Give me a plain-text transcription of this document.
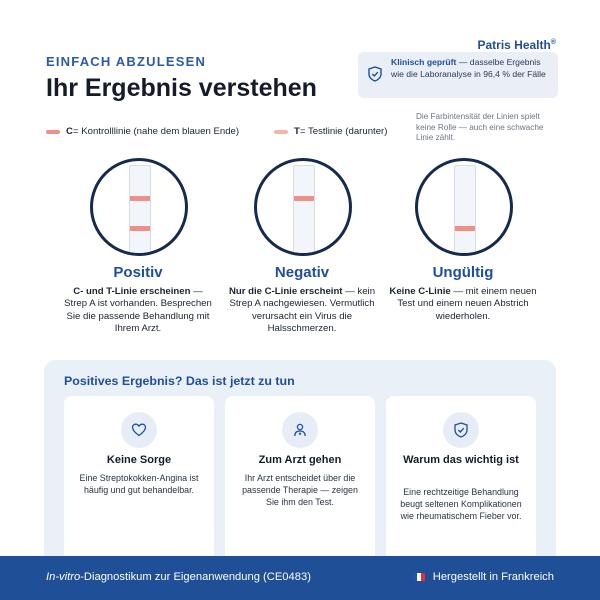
EINFACH ABZULESEN
Ihr Ergebnis verstehen
Patris Health®
Klinisch geprüft — dasselbe Ergebnis wie die Laboranalyse in 96,4 % der Fälle
C = Kontrolllinie (nahe dem blauen Ende)	T = Testlinie (darunter)
Die Farbintensität der Linien spielt keine Rolle — auch eine schwache Linie zählt.
Positiv
C- und T-Linie erscheinen — Strep A ist vorhanden. Besprechen Sie die passende Behandlung mit Ihrem Arzt.
Negativ
Nur die C-Linie erscheint — kein Strep A nachgewiesen. Vermutlich verursacht ein Virus die Halsschmerzen.
Ungültig
Keine C-Linie — mit einem neuen Test und einem neuen Abstrich wiederholen.
Positives Ergebnis? Das ist jetzt zu tun
Keine Sorge
Eine Streptokokken-Angina ist häufig und gut behandelbar.
Zum Arzt gehen
Ihr Arzt entscheidet über die passende Therapie — zeigen Sie ihm den Test.
Warum das wichtig ist
Eine rechtzeitige Behandlung beugt seltenen Komplikationen wie rheumatischem Fieber vor.
In-vitro-Diagnostikum zur Eigenanwendung (CE0483)	Hergestellt in Frankreich
